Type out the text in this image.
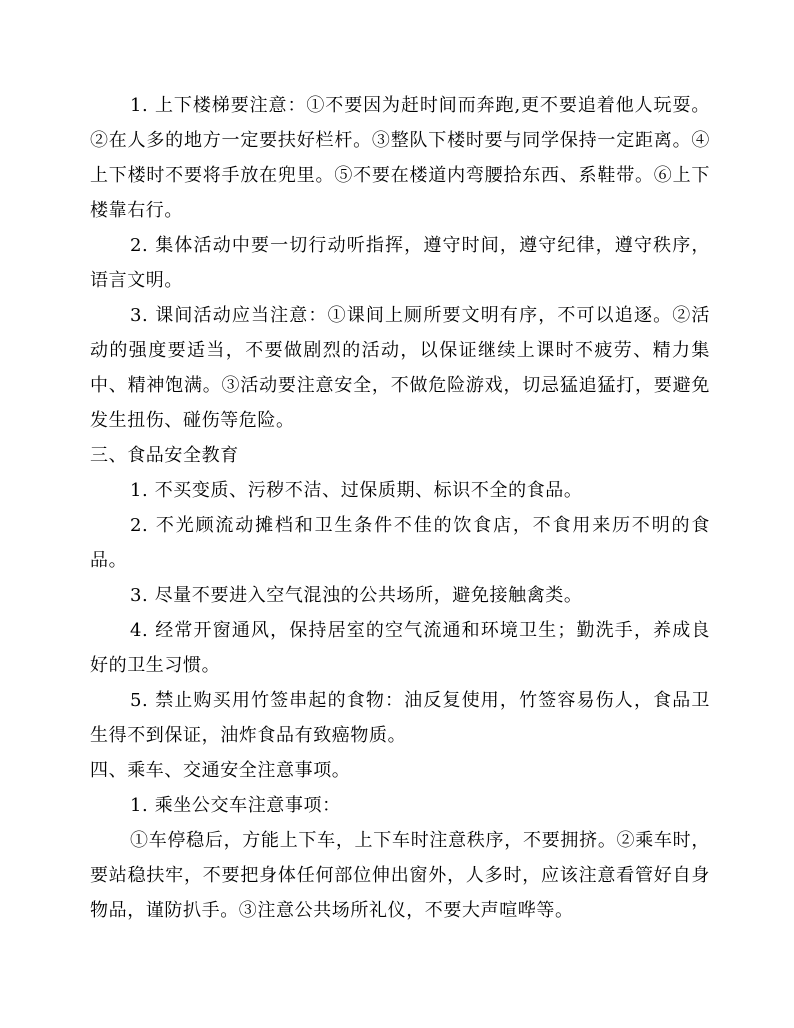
1. 上下楼梯要注意：①不要因为赶时间而奔跑,更不要追着他人玩耍。②在人多的地方一定要扶好栏杆。③整队下楼时要与同学保持一定距离。④上下楼时不要将手放在兜里。⑤不要在楼道内弯腰拾东西、系鞋带。⑥上下楼靠右行。

2. 集体活动中要一切行动听指挥，遵守时间，遵守纪律，遵守秩序，语言文明。

3. 课间活动应当注意：①课间上厕所要文明有序，不可以追逐。②活动的强度要适当，不要做剧烈的活动，以保证继续上课时不疲劳、精力集中、精神饱满。③活动要注意安全，不做危险游戏，切忌猛追猛打，要避免发生扭伤、碰伤等危险。

三、食品安全教育

1. 不买变质、污秽不洁、过保质期、标识不全的食品。

2. 不光顾流动摊档和卫生条件不佳的饮食店，不食用来历不明的食品。

3. 尽量不要进入空气混浊的公共场所，避免接触禽类。

4. 经常开窗通风，保持居室的空气流通和环境卫生；勤洗手，养成良好的卫生习惯。

5. 禁止购买用竹签串起的食物：油反复使用，竹签容易伤人，食品卫生得不到保证，油炸食品有致癌物质。

四、乘车、交通安全注意事项。

1. 乘坐公交车注意事项：

①车停稳后，方能上下车，上下车时注意秩序，不要拥挤。②乘车时，要站稳扶牢，不要把身体任何部位伸出窗外，人多时，应该注意看管好自身物品，谨防扒手。③注意公共场所礼仪，不要大声喧哗等。
